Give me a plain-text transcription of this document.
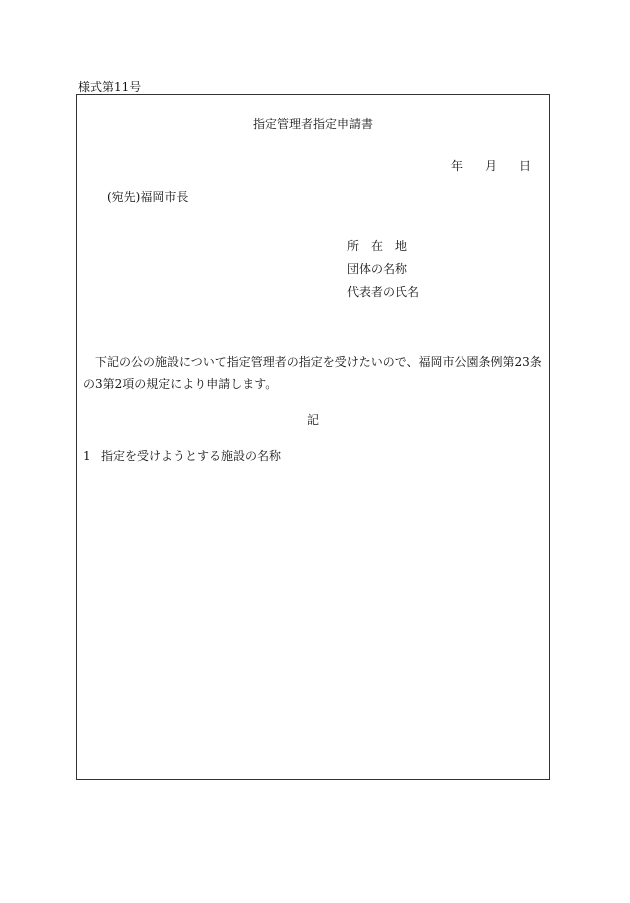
様式第11号
指定管理者指定申請書
年 月 日
(宛先)福岡市長
所　在　地
団体の名称
代表者の氏名
下記の公の施設について指定管理者の指定を受けたいので、福岡市公園条例第23条の3第2項の規定により申請します。
記
1 指定を受けようとする施設の名称
